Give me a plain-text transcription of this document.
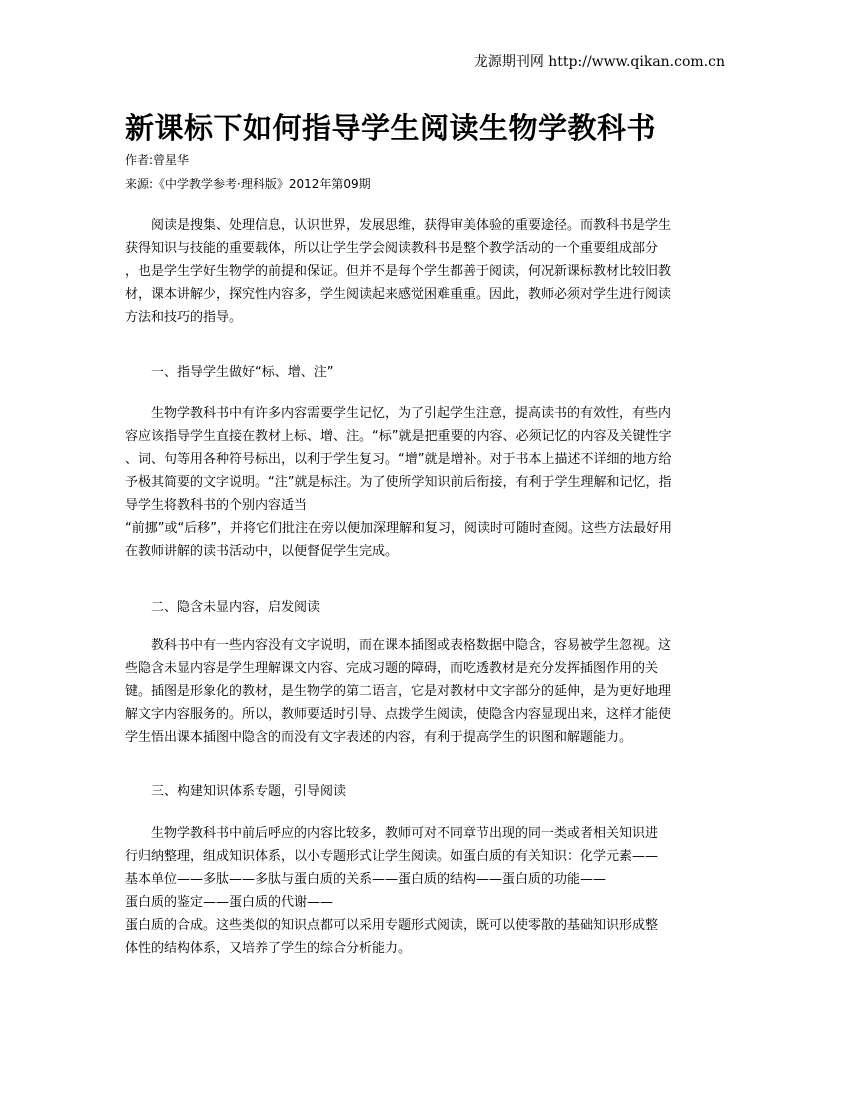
龙源期刊网 http://www.qikan.com.cn
新课标下如何指导学生阅读生物学教科书
作者:曾星华
来源:《中学教学参考·理科版》2012年第09期
阅读是搜集、处理信息，认识世界，发展思维，获得审美体验的重要途径。而教科书是学生
获得知识与技能的重要载体，所以让学生学会阅读教科书是整个教学活动的一个重要组成部分
，也是学生学好生物学的前提和保证。但并不是每个学生都善于阅读，何况新课标教材比较旧教
材，课本讲解少，探究性内容多，学生阅读起来感觉困难重重。因此，教师必须对学生进行阅读
方法和技巧的指导。
一、指导学生做好“标、增、注”
生物学教科书中有许多内容需要学生记忆，为了引起学生注意，提高读书的有效性，有些内
容应该指导学生直接在教材上标、增、注。“标”就是把重要的内容、必须记忆的内容及关键性字
、词、句等用各种符号标出，以利于学生复习。“增”就是增补。对于书本上描述不详细的地方给
予极其简要的文字说明。“注”就是标注。为了使所学知识前后衔接，有利于学生理解和记忆，指
导学生将教科书的个别内容适当
“前挪”或“后移”，并将它们批注在旁以便加深理解和复习，阅读时可随时查阅。这些方法最好用
在教师讲解的读书活动中，以便督促学生完成。
二、隐含未显内容，启发阅读
教科书中有一些内容没有文字说明，而在课本插图或表格数据中隐含，容易被学生忽视。这
些隐含未显内容是学生理解课文内容、完成习题的障碍，而吃透教材是充分发挥插图作用的关
键。插图是形象化的教材，是生物学的第二语言，它是对教材中文字部分的延伸，是为更好地理
解文字内容服务的。所以，教师要适时引导、点拨学生阅读，使隐含内容显现出来，这样才能使
学生悟出课本插图中隐含的而没有文字表述的内容，有利于提高学生的识图和解题能力。
三、构建知识体系专题，引导阅读
生物学教科书中前后呼应的内容比较多，教师可对不同章节出现的同一类或者相关知识进
行归纳整理，组成知识体系，以小专题形式让学生阅读。如蛋白质的有关知识：化学元素——
基本单位——多肽——多肽与蛋白质的关系——蛋白质的结构——蛋白质的功能——
蛋白质的鉴定——蛋白质的代谢——
蛋白质的合成。这些类似的知识点都可以采用专题形式阅读，既可以使零散的基础知识形成整
体性的结构体系，又培养了学生的综合分析能力。
